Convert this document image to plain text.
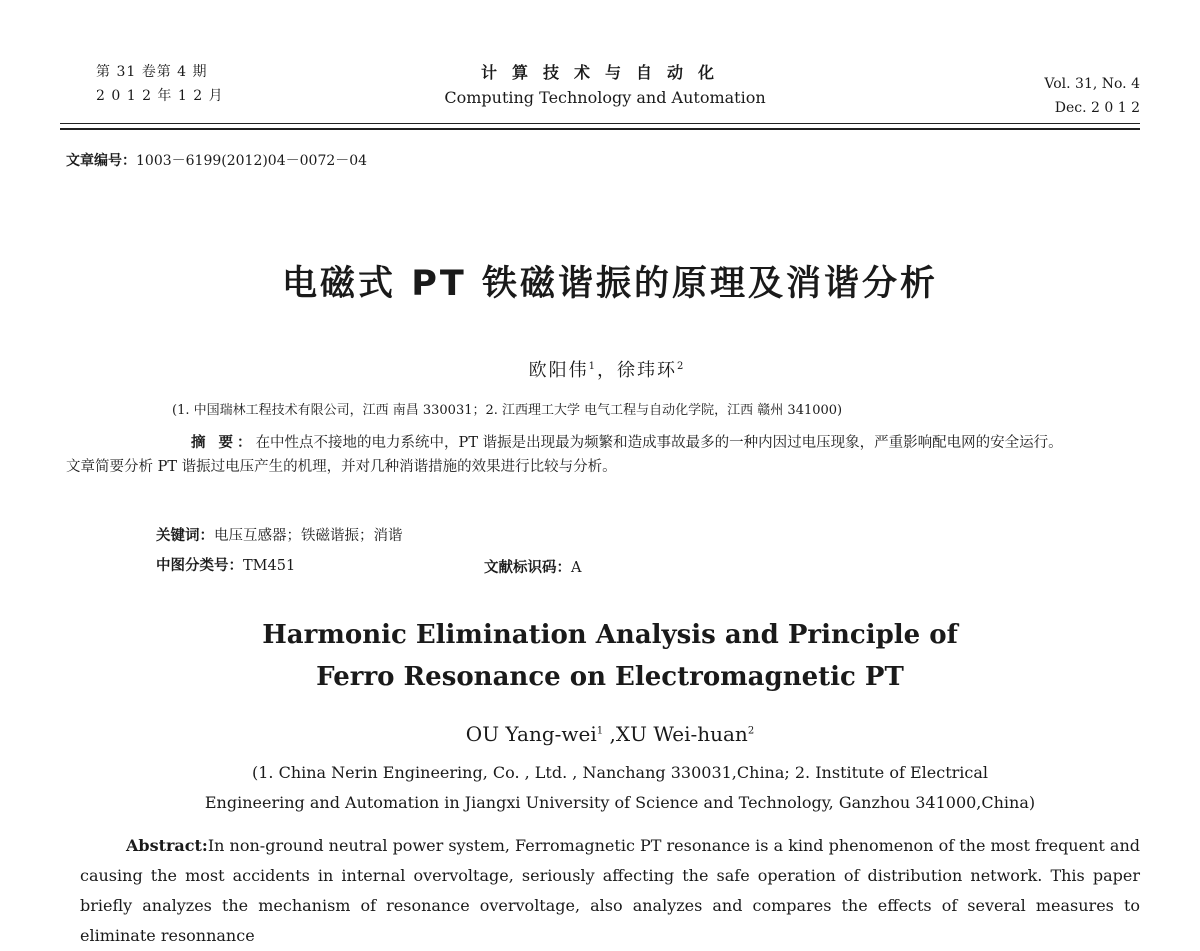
第 31 卷第 4 期
2 0 1 2 年 1 2 月
计算技术与自动化
Computing Technology and Automation
Vol. 31, No. 4
Dec. 2 0 1 2
文章编号：1003－6199(2012)04－0072－04
电磁式 PT 铁磁谐振的原理及消谐分析
欧阳伟$^1$，徐玮环$^2$
(1. 中国瑞林工程技术有限公司，江西 南昌 330031；2. 江西理工大学 电气工程与自动化学院，江西 赣州 341000)
摘 要：在中性点不接地的电力系统中，PT 谐振是出现最为频繁和造成事故最多的一种内因过电压现象，严重影响配电网的安全运行。文章简要分析 PT 谐振过电压产生的机理，并对几种消谐措施的效果进行比较与分析。
关键词：电压互感器；铁磁谐振；消谐
中图分类号：TM451	文献标识码：A
Harmonic Elimination Analysis and Principle of
Ferro Resonance on Electromagnetic PT
OU Yang-wei$^1$ ,XU Wei-huan$^2$
(1. China Nerin Engineering, Co. , Ltd. , Nanchang 330031,China; 2. Institute of Electrical
Engineering and Automation in Jiangxi University of Science and Technology, Ganzhou 341000,China)
Abstract:In non-ground neutral power system, Ferromagnetic PT resonance is a kind phenomenon of the most frequent and causing the most accidents in internal overvoltage, seriously affecting the safe operation of distribution network. This paper briefly analyzes the mechanism of resonance overvoltage, also analyzes and compares the effects of several measures to eliminate resonnance
